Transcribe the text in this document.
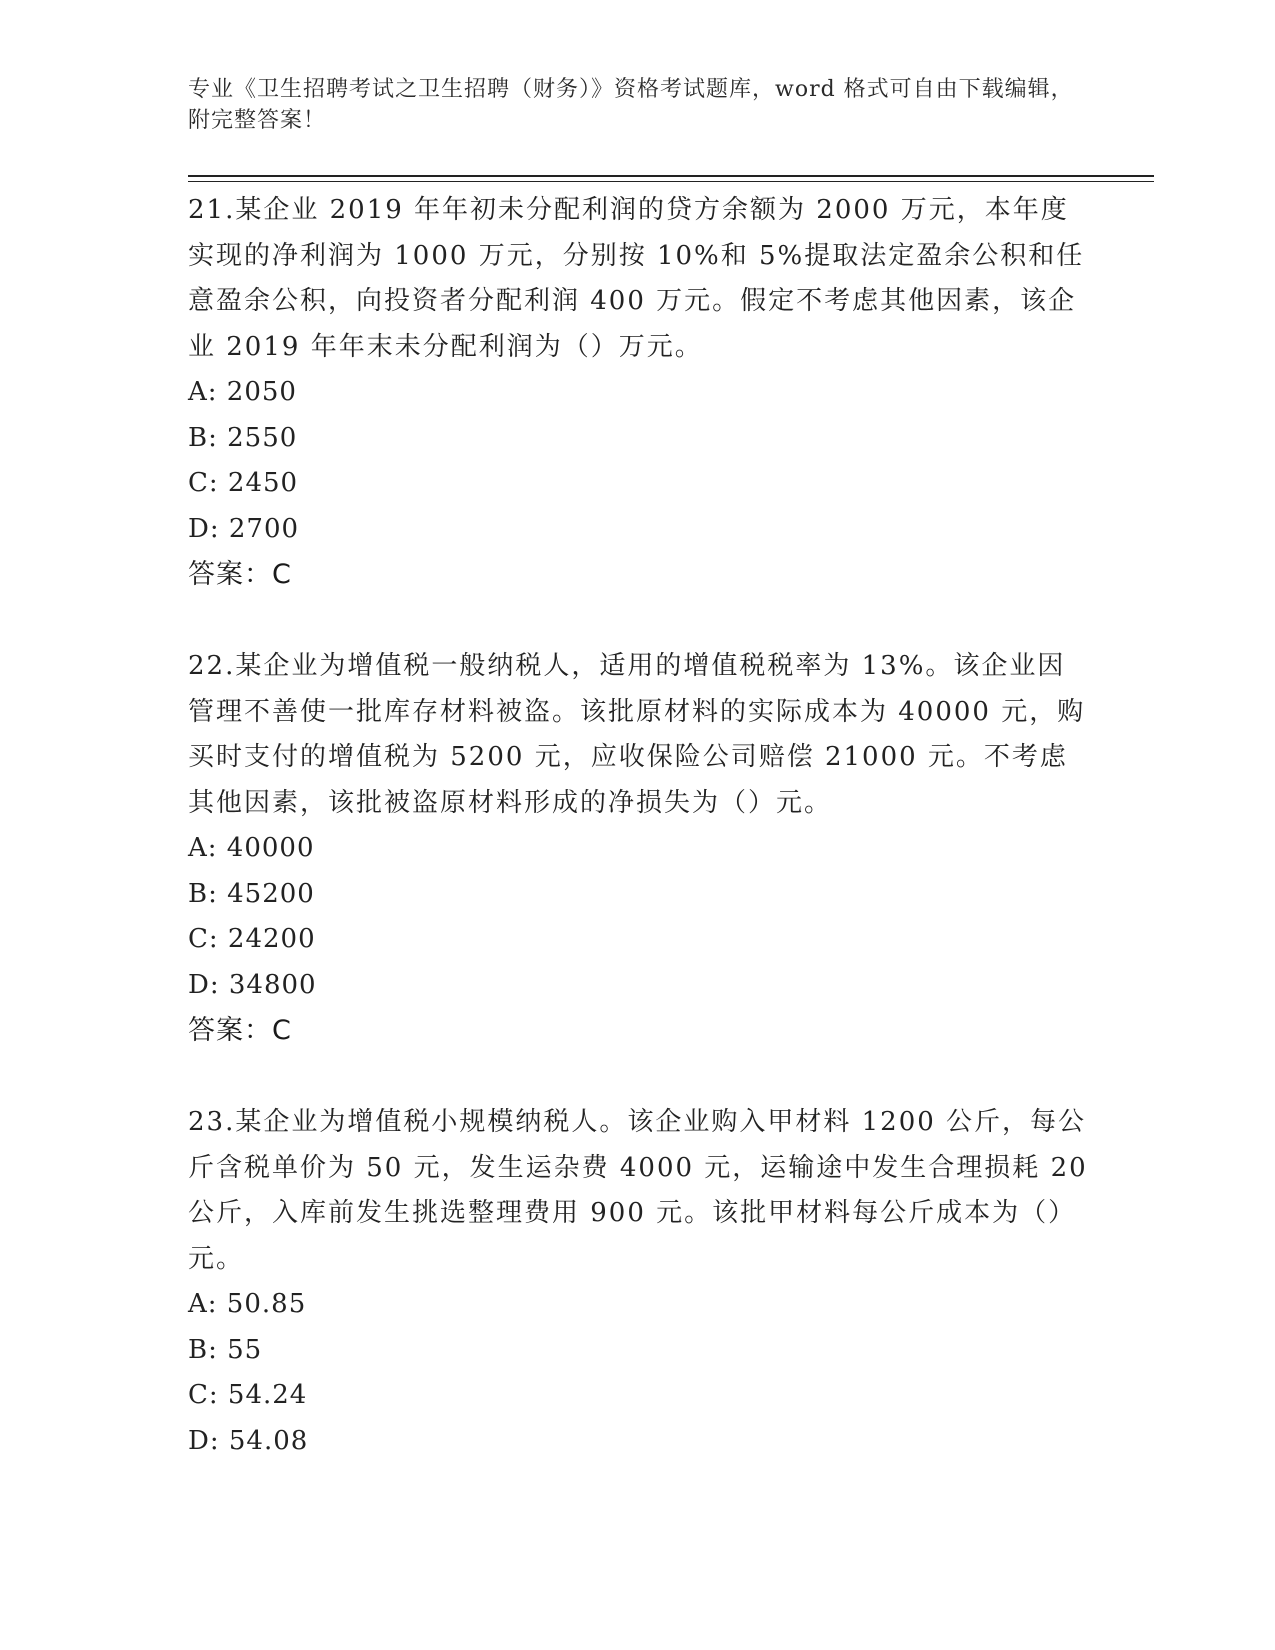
专业《卫生招聘考试之卫生招聘（财务）》资格考试题库，word 格式可自由下载编辑，附完整答案！

21.某企业 2019 年年初未分配利润的贷方余额为 2000 万元，本年度实现的净利润为 1000 万元，分别按 10%和 5%提取法定盈余公积和任意盈余公积，向投资者分配利润 400 万元。假定不考虑其他因素，该企业 2019 年年末未分配利润为（）万元。

A: 2050

B: 2550

C: 2450

D: 2700

答案：C

22.某企业为增值税一般纳税人，适用的增值税税率为 13%。该企业因管理不善使一批库存材料被盗。该批原材料的实际成本为 40000 元，购买时支付的增值税为 5200 元，应收保险公司赔偿 21000 元。不考虑其他因素，该批被盗原材料形成的净损失为（）元。

A: 40000

B: 45200

C: 24200

D: 34800

答案：C

23.某企业为增值税小规模纳税人。该企业购入甲材料 1200 公斤，每公斤含税单价为 50 元，发生运杂费 4000 元，运输途中发生合理损耗 20 公斤，入库前发生挑选整理费用 900 元。该批甲材料每公斤成本为（）元。

A: 50.85

B: 55

C: 54.24

D: 54.08
